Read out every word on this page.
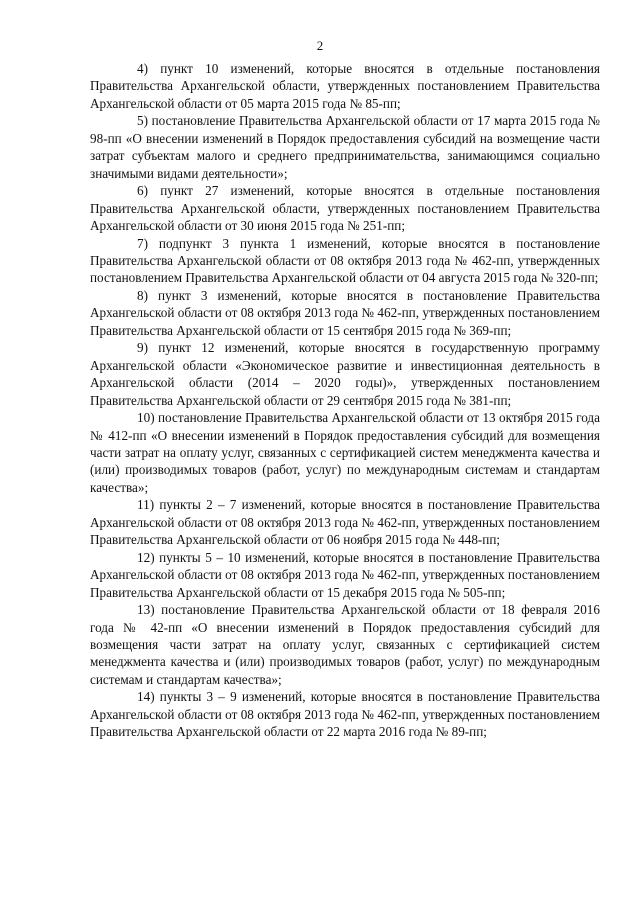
2

4) пункт 10 изменений, которые вносятся в отдельные постановления Правительства Архангельской области, утвержденных постановлением Правительства Архангельской области от 05 марта 2015 года № 85-пп;

5) постановление Правительства Архангельской области от 17 марта 2015 года № 98-пп «О внесении изменений в Порядок предоставления субсидий на возмещение части затрат субъектам малого и среднего предпринимательства, занимающимся социально значимыми видами деятельности»;

6) пункт 27 изменений, которые вносятся в отдельные постановления Правительства Архангельской области, утвержденных постановлением Правительства Архангельской области от 30 июня 2015 года № 251-пп;

7) подпункт 3 пункта 1 изменений, которые вносятся в постановление Правительства Архангельской области от 08 октября 2013 года № 462-пп, утвержденных постановлением Правительства Архангельской области от 04 августа 2015 года № 320-пп;

8) пункт 3 изменений, которые вносятся в постановление Правительства Архангельской области от 08 октября 2013 года № 462-пп, утвержденных постановлением Правительства Архангельской области от 15 сентября 2015 года № 369-пп;

9) пункт 12 изменений, которые вносятся в государственную программу Архангельской области «Экономическое развитие и инвестиционная деятельность в Архангельской области (2014 – 2020 годы)», утвержденных постановлением Правительства Архангельской области от 29 сентября 2015 года № 381-пп;

10) постановление Правительства Архангельской области от 13 октября 2015 года № 412-пп «О внесении изменений в Порядок предоставления субсидий для возмещения части затрат на оплату услуг, связанных с сертификацией систем менеджмента качества и (или) производимых товаров (работ, услуг) по международным системам и стандартам качества»;

11) пункты 2 – 7 изменений, которые вносятся в постановление Правительства Архангельской области от 08 октября 2013 года № 462-пп, утвержденных постановлением Правительства Архангельской области от 06 ноября 2015 года № 448-пп;

12) пункты 5 – 10 изменений, которые вносятся в постановление Правительства Архангельской области от 08 октября 2013 года № 462-пп, утвержденных постановлением Правительства Архангельской области от 15 декабря 2015 года № 505-пп;

13) постановление Правительства Архангельской области от 18 февраля 2016 года № 42-пп «О внесении изменений в Порядок предоставления субсидий для возмещения части затрат на оплату услуг, связанных с сертификацией систем менеджмента качества и (или) производимых товаров (работ, услуг) по международным системам и стандартам качества»;

14) пункты 3 – 9 изменений, которые вносятся в постановление Правительства Архангельской области от 08 октября 2013 года № 462-пп, утвержденных постановлением Правительства Архангельской области от 22 марта 2016 года № 89-пп;
